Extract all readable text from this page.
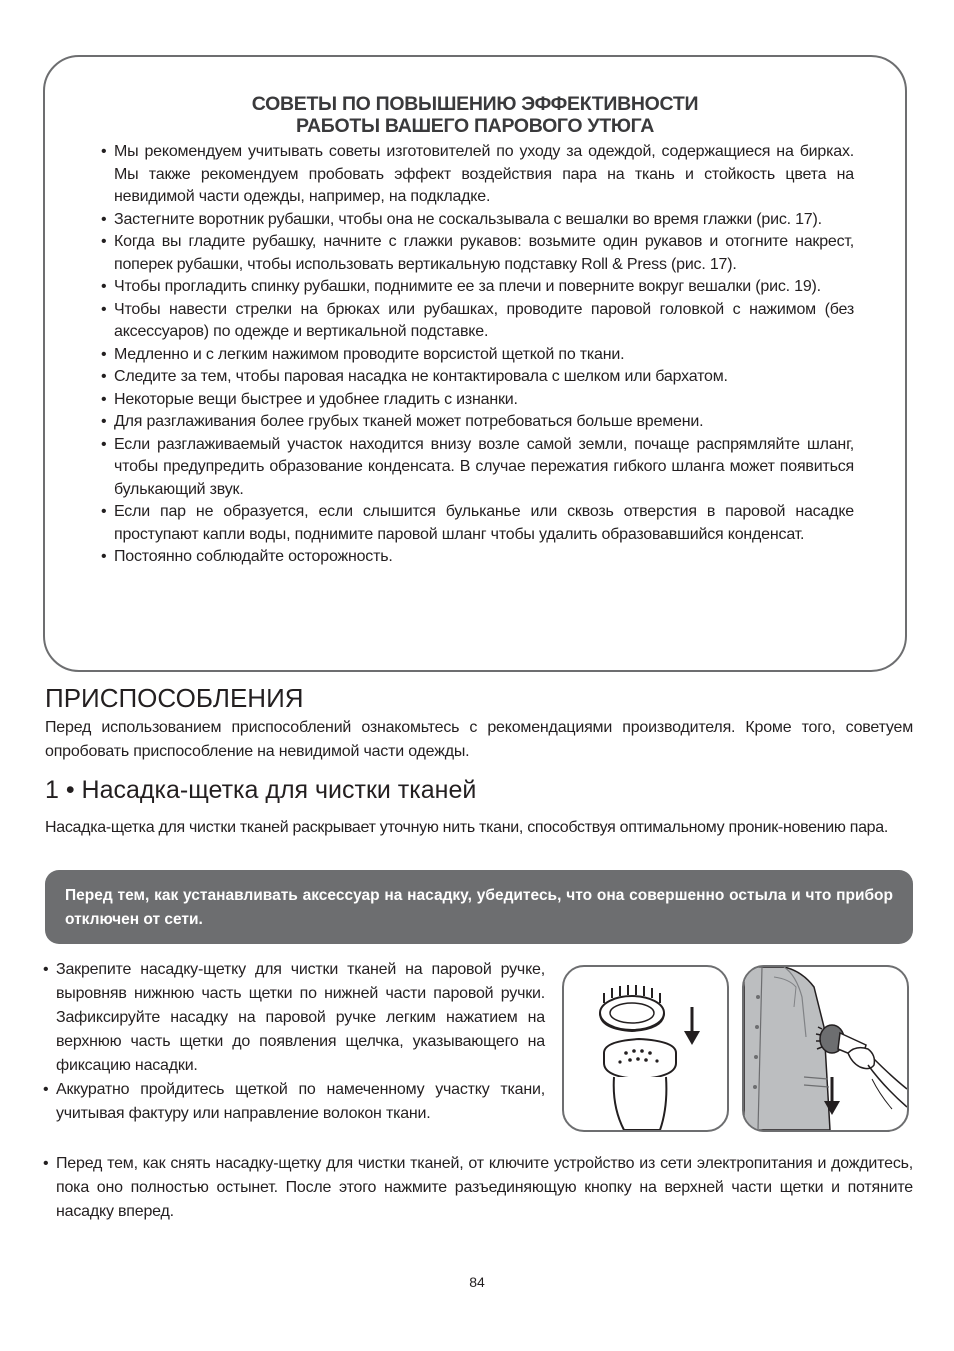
СОВЕТЫ ПО ПОВЫШЕНИЮ ЭФФЕКТИВНОСТИ
РАБОТЫ ВАШЕГО ПАРОВОГО УТЮГА
• Мы рекомендуем учитывать советы изготовителей по уходу за одеждой, содержащиеся на бирках. Мы также рекомендуем пробовать эффект воздействия пара на ткань и стойкость цвета на невидимой части одежды, например, на подкладке.
• Застегните воротник рубашки, чтобы она не соскальзывала с вешалки во время глажки (рис. 17).
• Когда вы гладите рубашку, начните с глажки рукавов: возьмите один рукавов и отогните накрест, поперек рубашки, чтобы использовать вертикальную подставку Roll & Press (рис. 17).
• Чтобы прогладить спинку рубашки, поднимите ее за плечи и поверните вокруг вешалки (рис. 19).
• Чтобы навести стрелки на брюках или рубашках, проводите паровой головкой с нажимом (без аксессуаров) по одежде и вертикальной подставке.
• Медленно и с легким нажимом проводите ворсистой щеткой по ткани.
• Следите за тем, чтобы паровая насадка не контактировала с шелком или бархатом.
• Некоторые вещи быстрее и удобнее гладить с изнанки.
• Для разглаживания более грубых тканей может потребоваться больше времени.
• Если разглаживаемый участок находится внизу возле самой земли, почаще распрямляйте шланг, чтобы предупредить образование конденсата. В случае пережатия гибкого шланга может появиться булькающий звук.
• Если пар не образуется, если слышится бульканье или сквозь отверстия в паровой насадке проступают капли воды, поднимите паровой шланг чтобы удалить образовавшийся конденсат.
• Постоянно соблюдайте осторожность.
ПРИСПОСОБЛЕНИЯ

Перед использованием приспособлений ознакомьтесь с рекомендациями производителя. Кроме того, советуем опробовать приспособление на невидимой части одежды.

1 • Насадка-щетка для чистки тканей

Насадка-щетка для чистки тканей раскрывает уточную нить ткани, способствуя оптимальному проник-новению пара.

Перед тем, как устанавливать аксессуар на насадку, убедитесь, что она совершенно остыла и что прибор отключен от сети.
• Закрепите насадку-щетку для чистки тканей на паровой ручке, выровняв нижнюю часть щетки по нижней части паровой ручки. Зафиксируйте насадку на паровой ручке легким нажатием на верхнюю часть щетки до появления щелчка, указывающего на фиксацию насадки.
• Аккуратно пройдитесь щеткой по намеченному участку ткани, учитывая фактуру или направление волокон ткани.
• Перед тем, как снять насадку-щетку для чистки тканей, от ключите устройство из сети электропитания и дождитесь, пока оно полностью остынет. После этого нажмите разъединяющую кнопку на верхней части щетки и потяните насадку вперед.
84
